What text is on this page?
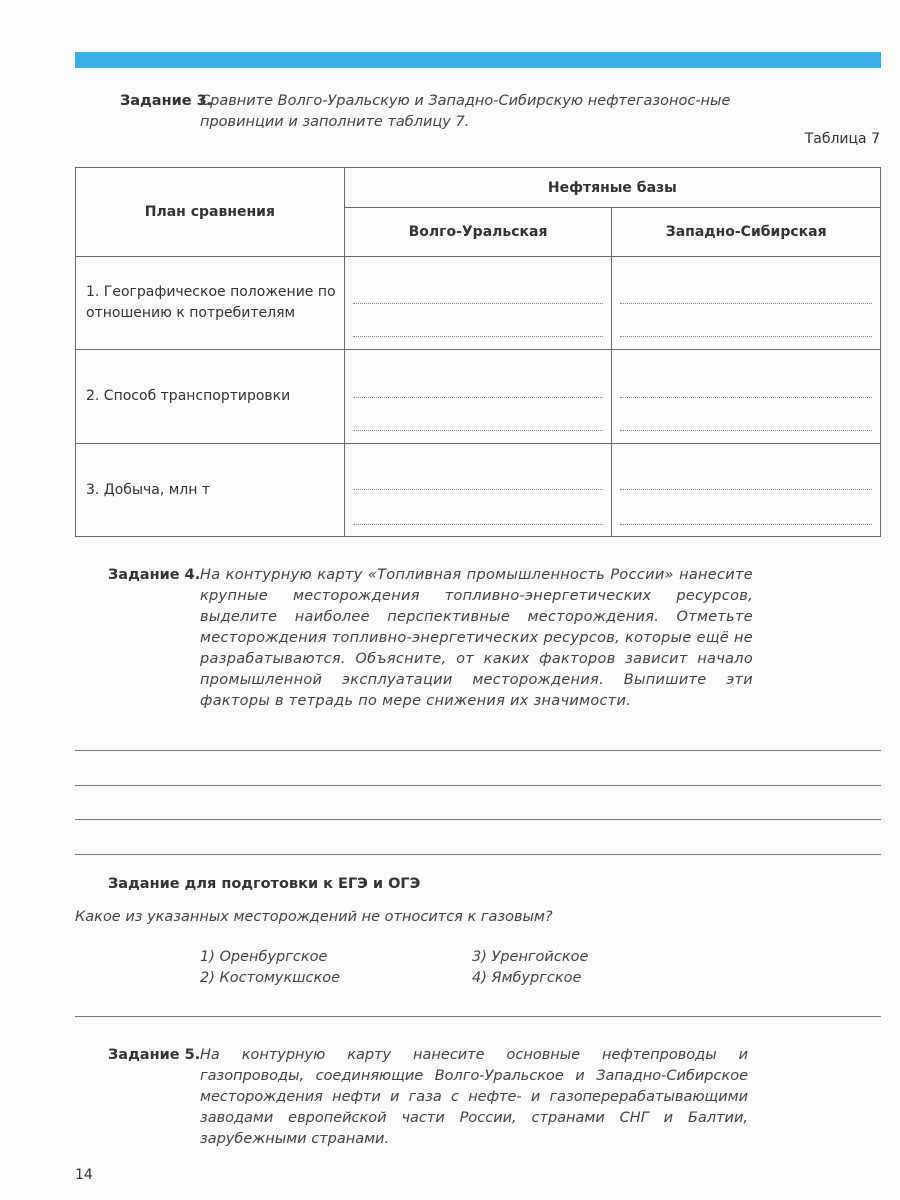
Задание 3.
Сравните Волго-Уральскую и Западно-Сибирскую нефтегазонос-ные провинции и заполните таблицу 7.
Таблица 7
План сравнения	Нефтяные базы	
	Волго-Уральская	Западно-Сибирская
1. Географическое положение по отношению к потребителям	

2. Способ транспортировки	

3. Добыча, млн т	

Задание 4. На контурную карту «Топливная промышленность России» нанесите крупные месторождения топливно-энергетических ресурсов, выделите наиболее перспективные месторождения. Отметьте месторождения топливно-энергетических ресурсов, которые ещё не разрабатываются. Объясните, от каких факторов зависит начало промышленной эксплуатации месторождения. Выпишите эти факторы в тетрадь по мере снижения их значимости.
Задание для подготовки к ЕГЭ и ОГЭ
Какое из указанных месторождений не относится к газовым?
1) Оренбургское
2) Костомукшское
3) Уренгойское
4) Ямбургское
Задание 5. На контурную карту нанесите основные нефтепроводы и газопроводы, соединяющие Волго-Уральское и Западно-Сибирское месторождения нефти и газа с нефте- и газоперерабатывающими заводами европейской части России, странами СНГ и Балтии, зарубежными странами.
14
